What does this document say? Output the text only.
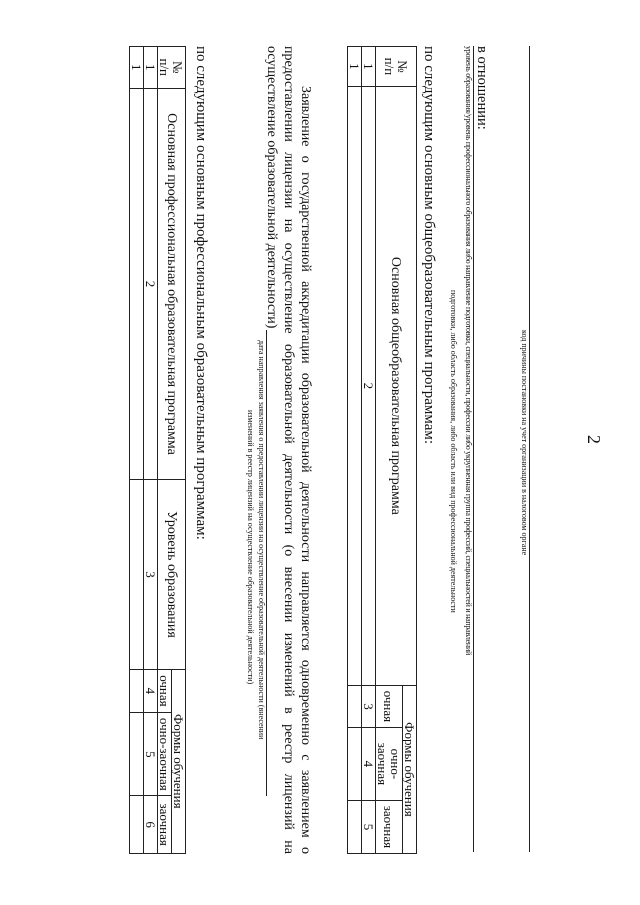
2
код причины постановки на учет организации в налоговом органе
в отношении:
уровень образования/уровень профессионального образования либо направление подготовки, специальности, профессии либо укрупненная группа профессий, специальностей и направлений
подготовки, либо область образования, либо область или вид профессиональной деятельности
по следующим основным общеобразовательным программам:
№
п/п	Основная общеобразовательная программа	Формы обучения		
		очная	очно-заочная	заочная
1	2	3	4	5
1				
Заявление о государственной аккредитации образовательной деятельности направляется одновременно с заявлением о предоставлении лицензии на осуществление образовательной деятельности (о внесении изменений в реестр лицензий на осуществление образовательной деятельности)
дата направления заявления о предоставлении лицензии на осуществление образовательной деятельности (внесении
изменений в реестр лицензий на осуществление образовательной деятельности)
по следующим основным профессиональным образовательным программам:
№
п/п	Основная профессиональная образовательная программа	Уровень образования	Формы обучения		
			очная	очно-заочная	заочная
1	2	3	4	5	6
1					
